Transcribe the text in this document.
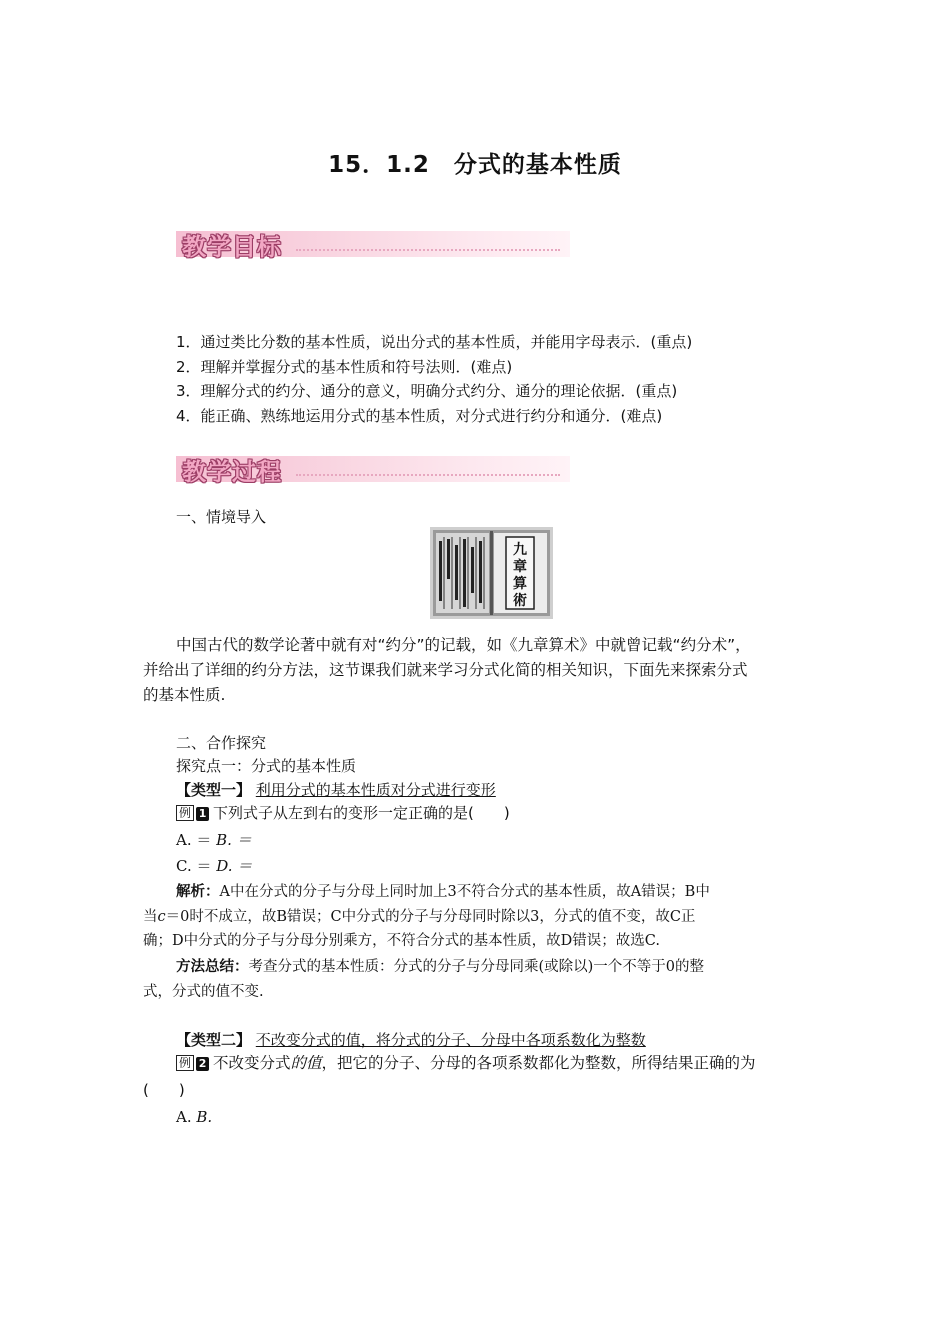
15．1.2　分式的基本性质
教学目标
1．通过类比分数的基本性质，说出分式的基本性质，并能用字母表示．(重点)
2．理解并掌握分式的基本性质和符号法则．(难点)
3．理解分式的约分、通分的意义，明确分式约分、通分的理论依据．(重点)
4．能正确、熟练地运用分式的基本性质，对分式进行约分和通分．(难点)
教学过程
一、情境导入
九
章
算
術
中国古代的数学论著中就有对“约分”的记载，如《九章算术》中就曾记载“约分术”，
并给出了详细的约分方法，这节课我们就来学习分式化简的相关知识，下面先来探索分式
的基本性质.
二、合作探究
探究点一：分式的基本性质
【类型一】 利用分式的基本性质对分式进行变形
例 1 下列式子从左到右的变形一定正确的是(　　)
A. ＝ B. ＝
C. ＝ D. ＝
解析：A中在分式的分子与分母上同时加上3不符合分式的基本性质，故A错误；B中
当c＝0时不成立，故B错误；C中分式的分子与分母同时除以3，分式的值不变，故C正
确；D中分式的分子与分母分别乘方，不符合分式的基本性质，故D错误；故选C.
方法总结：考查分式的基本性质：分式的分子与分母同乘(或除以)一个不等于0的整
式，分式的值不变.
【类型二】 不改变分式的值，将分式的分子、分母中各项系数化为整数
例 2 不改变分式的值，把它的分子、分母的各项系数都化为整数，所得结果正确的为
(　　)
A. B.
